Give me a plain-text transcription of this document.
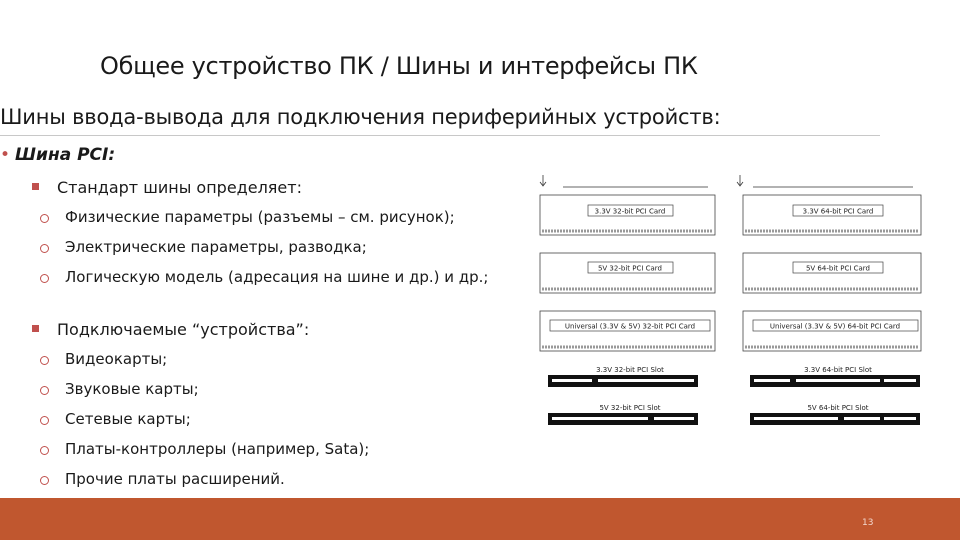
Общее устройство ПК / Шины и интерфейсы ПК
Шины ввода-вывода для подключения периферийных устройств:
• Шина PCI:
Стандарт шины определяет:
Физические параметры (разъемы – см. рисунок);
Электрические параметры, разводка;
Логическую модель (адресация на шине и др.) и др.;
Подключаемые “устройства”:
Видеокарты;
Звуковые карты;
Сетевые карты;
Платы-контроллеры (например, Sata);
Прочие платы расширений.
3.3V 32-bit PCI Card	3.3V 64-bit PCI Card
5V 32-bit PCI Card	5V 64-bit PCI Card
Universal (3.3V & 5V) 32-bit PCI Card	Universal (3.3V & 5V) 64-bit PCI Card
3.3V 32-bit PCI Slot	3.3V 64-bit PCI Slot
5V 32-bit PCI Slot	5V 64-bit PCI Slot
13
